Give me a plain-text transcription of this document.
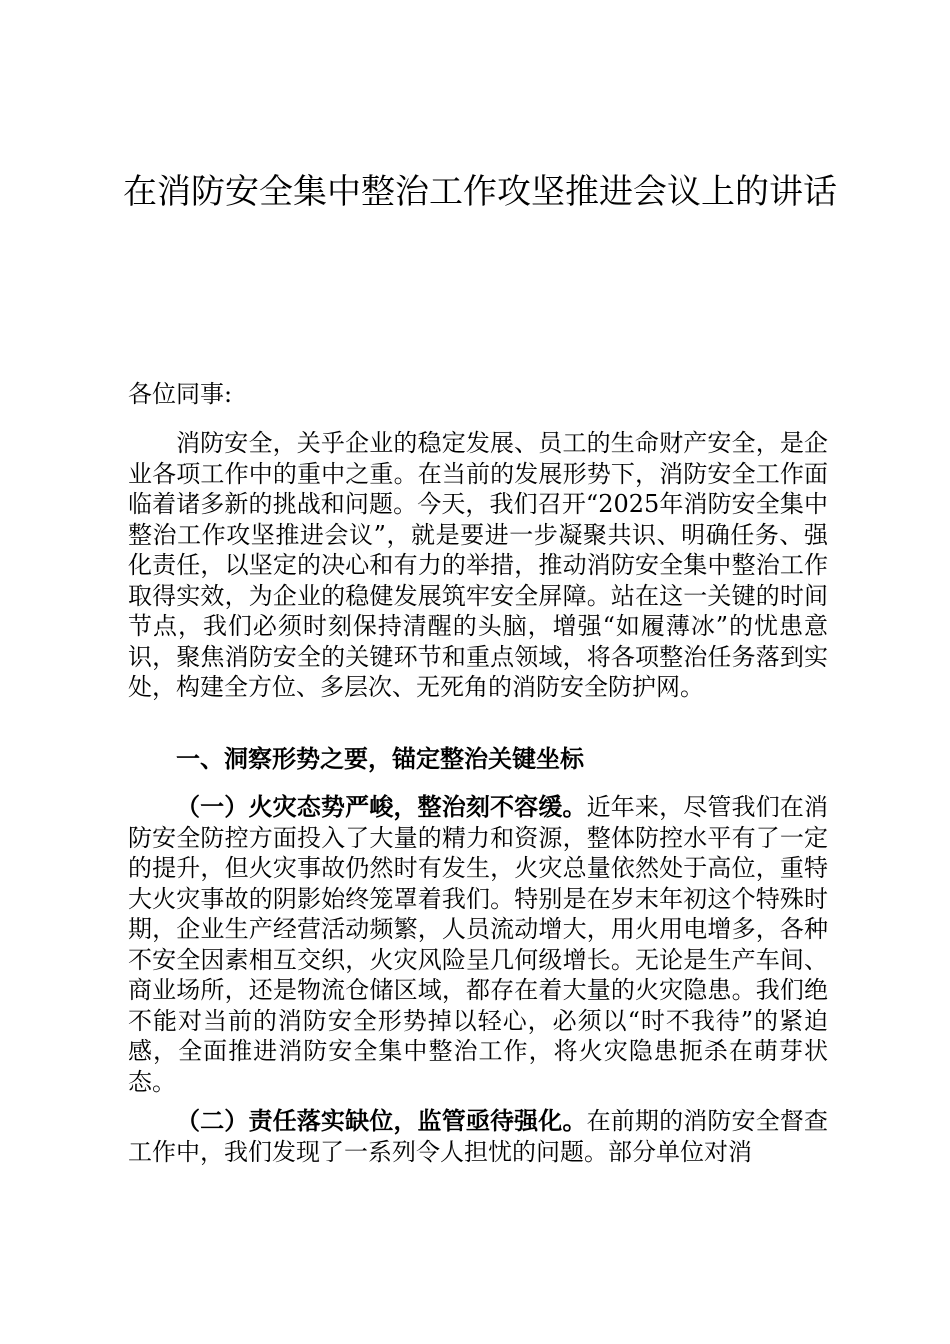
在消防安全集中整治工作攻坚推进会议上的讲话

各位同事:

消防安全，关乎企业的稳定发展、员工的生命财产安全，是企业各项工作中的重中之重。在当前的发展形势下，消防安全工作面临着诸多新的挑战和问题。今天，我们召开“2025年消防安全集中整治工作攻坚推进会议”，就是要进一步凝聚共识、明确任务、强化责任，以坚定的决心和有力的举措，推动消防安全集中整治工作取得实效，为企业的稳健发展筑牢安全屏障。站在这一关键的时间节点，我们必须时刻保持清醒的头脑，增强“如履薄冰”的忧患意识，聚焦消防安全的关键环节和重点领域，将各项整治任务落到实处，构建全方位、多层次、无死角的消防安全防护网。

一、洞察形势之要，锚定整治关键坐标

（一）火灾态势严峻，整治刻不容缓。近年来，尽管我们在消防安全防控方面投入了大量的精力和资源，整体防控水平有了一定的提升，但火灾事故仍然时有发生，火灾总量依然处于高位，重特大火灾事故的阴影始终笼罩着我们。特别是在岁末年初这个特殊时期，企业生产经营活动频繁，人员流动增大，用火用电增多，各种不安全因素相互交织，火灾风险呈几何级增长。无论是生产车间、商业场所，还是物流仓储区域，都存在着大量的火灾隐患。我们绝不能对当前的消防安全形势掉以轻心，必须以“时不我待”的紧迫感，全面推进消防安全集中整治工作，将火灾隐患扼杀在萌芽状态。

（二）责任落实缺位，监管亟待强化。在前期的消防安全督查工作中，我们发现了一系列令人担忧的问题。部分单位对消
